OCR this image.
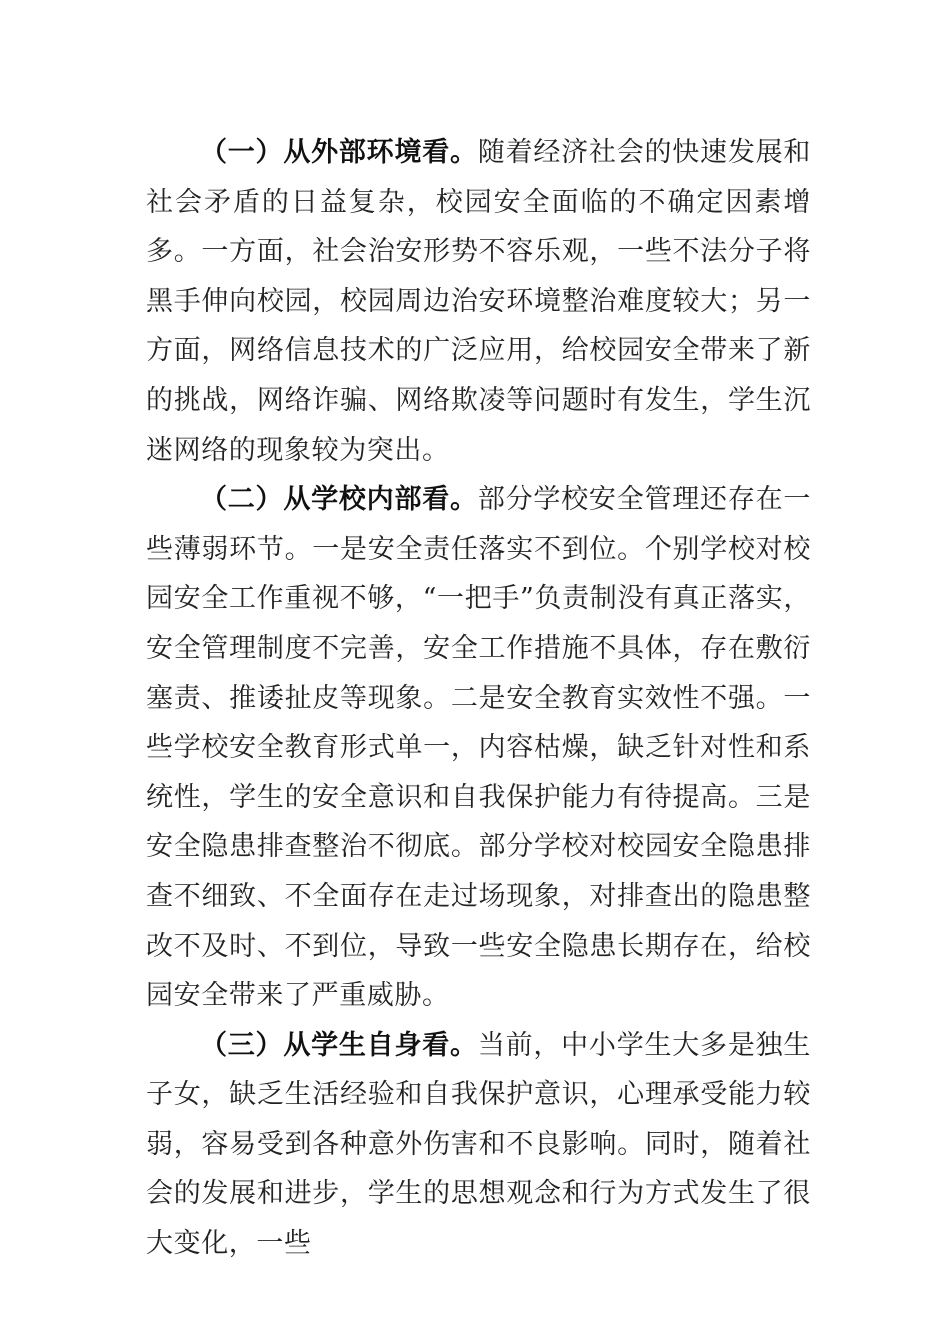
（一）从外部环境看。随着经济社会的快速发展和社会矛盾的日益复杂，校园安全面临的不确定因素增多。一方面，社会治安形势不容乐观，一些不法分子将黑手伸向校园，校园周边治安环境整治难度较大；另一方面，网络信息技术的广泛应用，给校园安全带来了新的挑战，网络诈骗、网络欺凌等问题时有发生，学生沉迷网络的现象较为突出。

（二）从学校内部看。部分学校安全管理还存在一些薄弱环节。一是安全责任落实不到位。个别学校对校园安全工作重视不够，“一把手”负责制没有真正落实，安全管理制度不完善，安全工作措施不具体，存在敷衍塞责、推诿扯皮等现象。二是安全教育实效性不强。一些学校安全教育形式单一，内容枯燥，缺乏针对性和系统性，学生的安全意识和自我保护能力有待提高。三是安全隐患排查整治不彻底。部分学校对校园安全隐患排查不细致、不全面存在走过场现象，对排查出的隐患整改不及时、不到位，导致一些安全隐患长期存在，给校园安全带来了严重威胁。

（三）从学生自身看。当前，中小学生大多是独生子女，缺乏生活经验和自我保护意识，心理承受能力较弱，容易受到各种意外伤害和不良影响。同时，随着社会的发展和进步，学生的思想观念和行为方式发生了很大变化，一些
